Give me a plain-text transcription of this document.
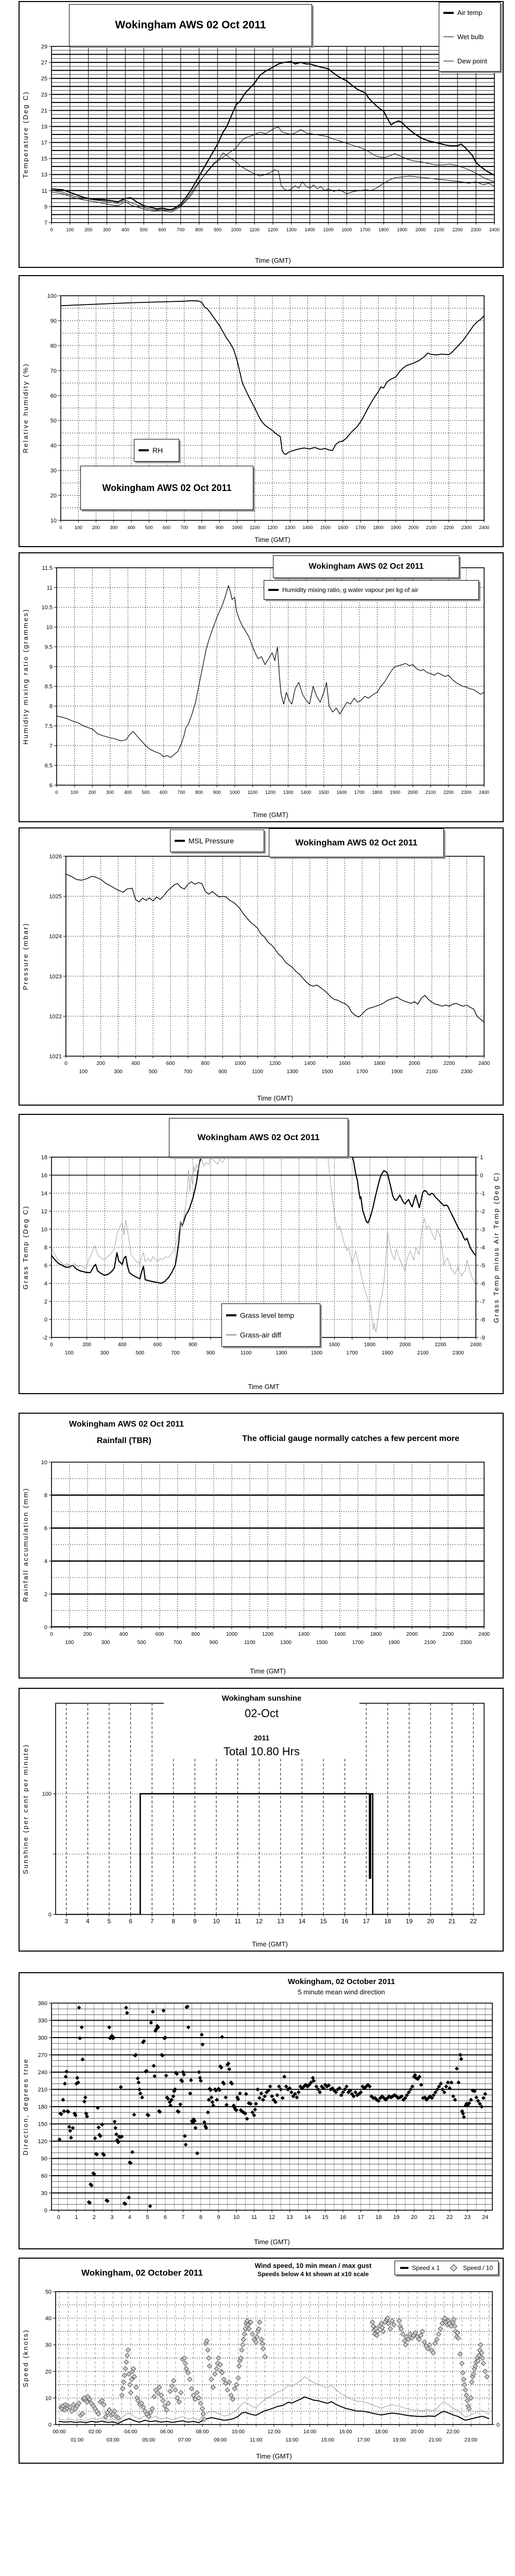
0	100 200 300 400 500 600 700 800 900 1000 1100 1200 1300 1400 1500 1600 1700 1800 1900 2000 2100 2200 2300 2400
Time (GMT)
7
9
11
13
15
17
19
21
23
25
27
29
Temperature (Deg C)
Wokingham AWS 02 Oct 2011
Air temp
Wet bulb
Dew point
0	100 200 300 400 500 600 700 800 900 1000 1100 1200 1300 1400 1500 1600 1700 1800 1900 2000 2100 2200 2300 2400
Time (GMT)
10
20
30
40
50
60
70
80
90
100
Relative humidity (%)	RH
Wokingham AWS 02 Oct 2011
0	100 200 300 400 500 600 700 800 900 1000 1100 1200 1300 1400 1500 1600 1700 1800 1900 2000 2100 2200 2300 2400
Time (GMT)
6
6.5
7
7.5
8
8.5
9
9.5
10
10.5
11
11.5
Humidity mixing ratio (grammes)
Wokingham AWS 02 Oct 2011
Humidity mixing ratio, g water vapour per kg of air
0
100
200
300
400
500
600
700
800
900
1000
1100
1200
1300
1400
1500
1600
1700
1800
1900
2000
2100
2200
2300
2400
Time (GMT)
1021
1022
1023
1024
1025
1026
Pressure (mbar)
MSL Pressure	Wokingham AWS 02 Oct 2011
0
100
200
300
400
500
600
700
800
900	1100	1300	1500
1600
1700
1800
1900
2000
2100
2200
2300
2400
Time GMT
-2
0
2
4
6
8
10
12
14
16
18
-9
-8
-7
-6
-5
-4
-3
-2
-1
0
1
Grass Temp (Deg C)	Grass Temp minus Air Temp (Deg C)
Wokingham AWS 02 Oct 2011
Grass level temp
Grass-air diff
0
100
200
300
400
500
600
700
800
900
1000
1100
1200
1300
1400
1500
1600
1700
1800
1900
2000
2100
2200
2300
2400
Time (GMT)
0
2
4
6
8
10
Rainfall accumulation (mm)
Wokingham AWS 02 Oct 2011
Rainfall (TBR)	The official gauge normally catches a few percent more
3	4	5	6	7	8	9	10 11 12 13 14 15 16 17 18 19 20 21 22
Time (GMT)
0
100
Sunshine (per cent per minute)
Wokingham sunshine
02-Oct
2011
Total 10.80 Hrs
0	1	2	3	4	5	6	7	8	9 10 11 12 13 14 15 16 17 18 19 20 21 22 23 24
Time (GMT)
0
30
60
90
120
150
180
210
240
270
300
330
360
Direction, degrees true
Wokingham, 02 October 2011
5 minute mean wind direction
00:00
01:00
02:00
03:00
04:00
05:00
06:00
07:00
08:00
09:00
10:00
11:00
12:00
13:00
14:00
15:00
16:00
17:00
18:00
19:00
20:00
21:00
22:00
23:00
Time (GMT)
0
10
20
30
40
50
0
Speed (knots)
Wokingham, 02 October 2011
Wind speed, 10 min mean / max gust
Speeds below 4 kt shown at x10 scale
Speed x 1	Speed / 10
